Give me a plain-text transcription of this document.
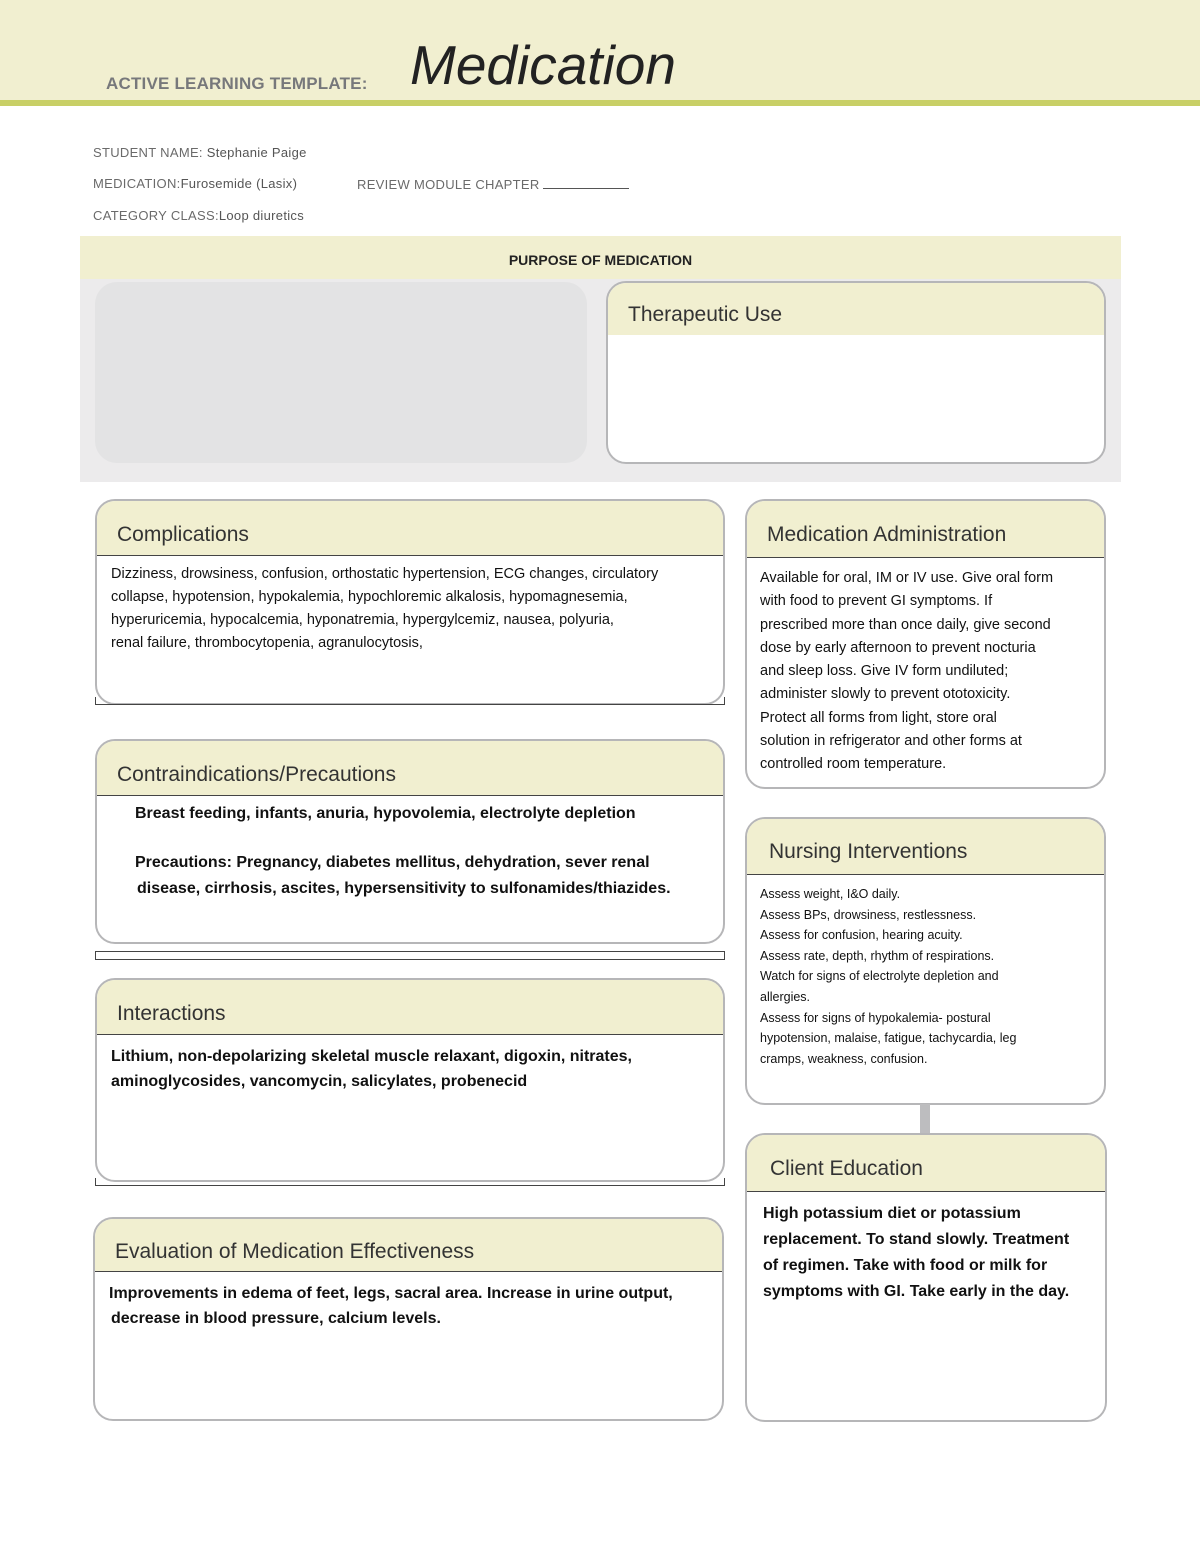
ACTIVE LEARNING TEMPLATE: Medication
STUDENT NAME: Stephanie Paige
MEDICATION:Furosemide (Lasix)	REVIEW MODULE CHAPTER
CATEGORY CLASS:Loop diuretics
PURPOSE OF MEDICATION
Therapeutic Use
Complications
Dizziness, drowsiness, confusion, orthostatic hypertension, ECG changes, circulatory
collapse, hypotension, hypokalemia, hypochloremic alkalosis, hypomagnesemia,
hyperuricemia, hypocalcemia, hyponatremia, hypergylcemiz, nausea, polyuria,
renal failure, thrombocytopenia, agranulocytosis,
Contraindications/Precautions
Breast feeding, infants, anuria, hypovolemia, electrolyte depletion
Precautions: Pregnancy, diabetes mellitus, dehydration, sever renal
disease, cirrhosis, ascites, hypersensitivity to sulfonamides/thiazides.
Interactions
Lithium, non-depolarizing skeletal muscle relaxant, digoxin, nitrates,
aminoglycosides, vancomycin, salicylates, probenecid
Evaluation of Medication Effectiveness
Improvements in edema of feet, legs, sacral area. Increase in urine output,
decrease in blood pressure, calcium levels.
Medication Administration
Available for oral, IM or IV use. Give oral form
with food to prevent GI symptoms. If
prescribed more than once daily, give second
dose by early afternoon to prevent nocturia
and sleep loss. Give IV form undiluted;
administer slowly to prevent ototoxicity.
Protect all forms from light, store oral
solution in refrigerator and other forms at
controlled room temperature.
Nursing Interventions
Assess weight, I&O daily.
Assess BPs, drowsiness, restlessness.
Assess for confusion, hearing acuity.
Assess rate, depth, rhythm of respirations.
Watch for signs of electrolyte depletion and
allergies.
Assess for signs of hypokalemia- postural
hypotension, malaise, fatigue, tachycardia, leg
cramps, weakness, confusion.
Client Education
High potassium diet or potassium
replacement. To stand slowly. Treatment
of regimen. Take with food or milk for
symptoms with GI. Take early in the day.
